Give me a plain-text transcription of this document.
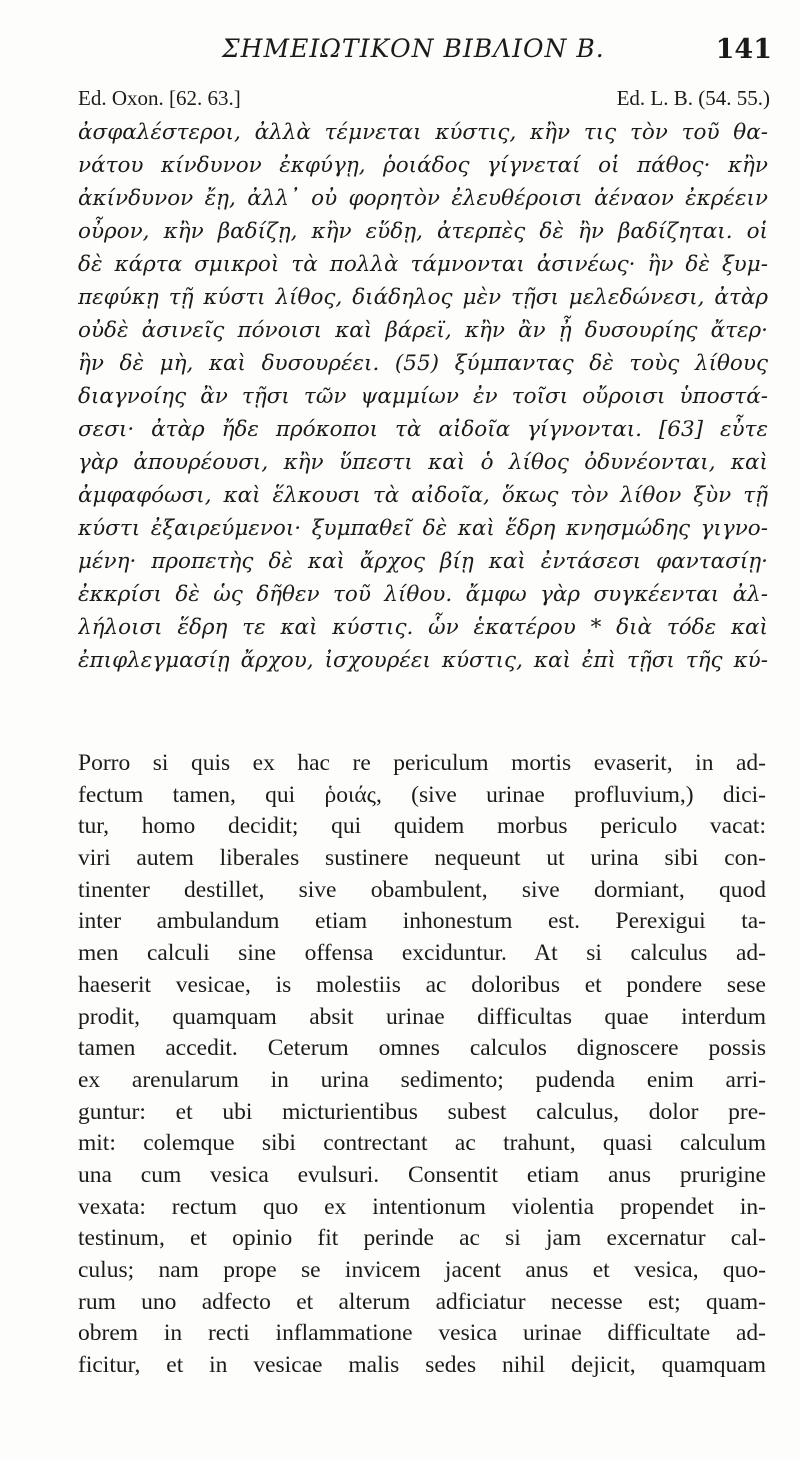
ΣΗΜΕΙΩΤΙΚΟΝ ΒΙΒΛΙΟΝ Β.	141
Ed. Oxon. [62. 63.]	Ed. L. B. (54. 55.)
ἀσφαλέστεροι, ἀλλὰ τέμνεται κύστις, κἢν τις τὸν τοῦ θα-
νάτου κίνδυνον ἐκφύγῃ, ῥοιάδος γίγνεταί οἱ πάθος· κἢν
ἀκίνδυνον ἔῃ, ἀλλ᾽ οὐ φορητὸν ἐλευθέροισι ἀέναον ἐκρέειν
οὖρον, κἢν βαδίζῃ, κἢν εὕδῃ, ἀτερπὲς δὲ ἢν βαδίζηται. οἱ
δὲ κάρτα σμικροὶ τὰ πολλὰ τάμνονται ἀσινέως· ἢν δὲ ξυμ-
πεφύκῃ τῇ κύστι λίθος, διάδηλος μὲν τῇσι μελεδώνεσι, ἀτὰρ
οὐδὲ ἀσινεῖς πόνοισι καὶ βάρεϊ, κἢν ἂν ᾖ δυσουρίης ἄτερ·
ἢν δὲ μὴ, καὶ δυσουρέει. (55) ξύμπαντας δὲ τοὺς λίθους
διαγνοίης ἂν τῇσι τῶν ψαμμίων ἐν τοῖσι οὔροισι ὑποστά-
σεσι· ἀτὰρ ἤδε πρόκοποι τὰ αἰδοῖα γίγνονται. [63] εὖτε
γὰρ ἀπουρέουσι, κἢν ὕπεστι καὶ ὁ λίθος ὀδυνέονται, καὶ
ἀμφαφόωσι, καὶ ἕλκουσι τὰ αἰδοῖα, ὅκως τὸν λίθον ξὺν τῇ
κύστι ἐξαιρεύμενοι· ξυμπαθεῖ δὲ καὶ ἕδρη κνησμώδης γιγνο-
μένη· προπετὴς δὲ καὶ ἄρχος βίῃ καὶ ἐντάσεσι φαντασίῃ·
ἐκκρίσι δὲ ὡς δῆθεν τοῦ λίθου. ἄμφω γὰρ συγκέενται ἀλ-
λήλοισι ἕδρη τε καὶ κύστις. ὧν ἑκατέρου * διὰ τόδε καὶ
ἐπιφλεγμασίῃ ἄρχου, ἰσχουρέει κύστις, καὶ ἐπὶ τῇσι τῆς κύ-
Porro si quis ex hac re periculum mortis evaserit, in ad-
fectum tamen, qui ῥοιάς, (sive urinae profluvium,) dici-
tur, homo decidit; qui quidem morbus periculo vacat:
viri autem liberales sustinere nequeunt ut urina sibi con-
tinenter destillet, sive obambulent, sive dormiant, quod
inter ambulandum etiam inhonestum est. Perexigui ta-
men calculi sine offensa exciduntur. At si calculus ad-
haeserit vesicae, is molestiis ac doloribus et pondere sese
prodit, quamquam absit urinae difficultas quae interdum
tamen accedit. Ceterum omnes calculos dignoscere possis
ex arenularum in urina sedimento; pudenda enim arri-
guntur: et ubi micturientibus subest calculus, dolor pre-
mit: colemque sibi contrectant ac trahunt, quasi calculum
una cum vesica evulsuri. Consentit etiam anus prurigine
vexata: rectum quo ex intentionum violentia propendet in-
testinum, et opinio fit perinde ac si jam excernatur cal-
culus; nam prope se invicem jacent anus et vesica, quo-
rum uno adfecto et alterum adficiatur necesse est; quam-
obrem in recti inflammatione vesica urinae difficultate ad-
ficitur, et in vesicae malis sedes nihil dejicit, quamquam
